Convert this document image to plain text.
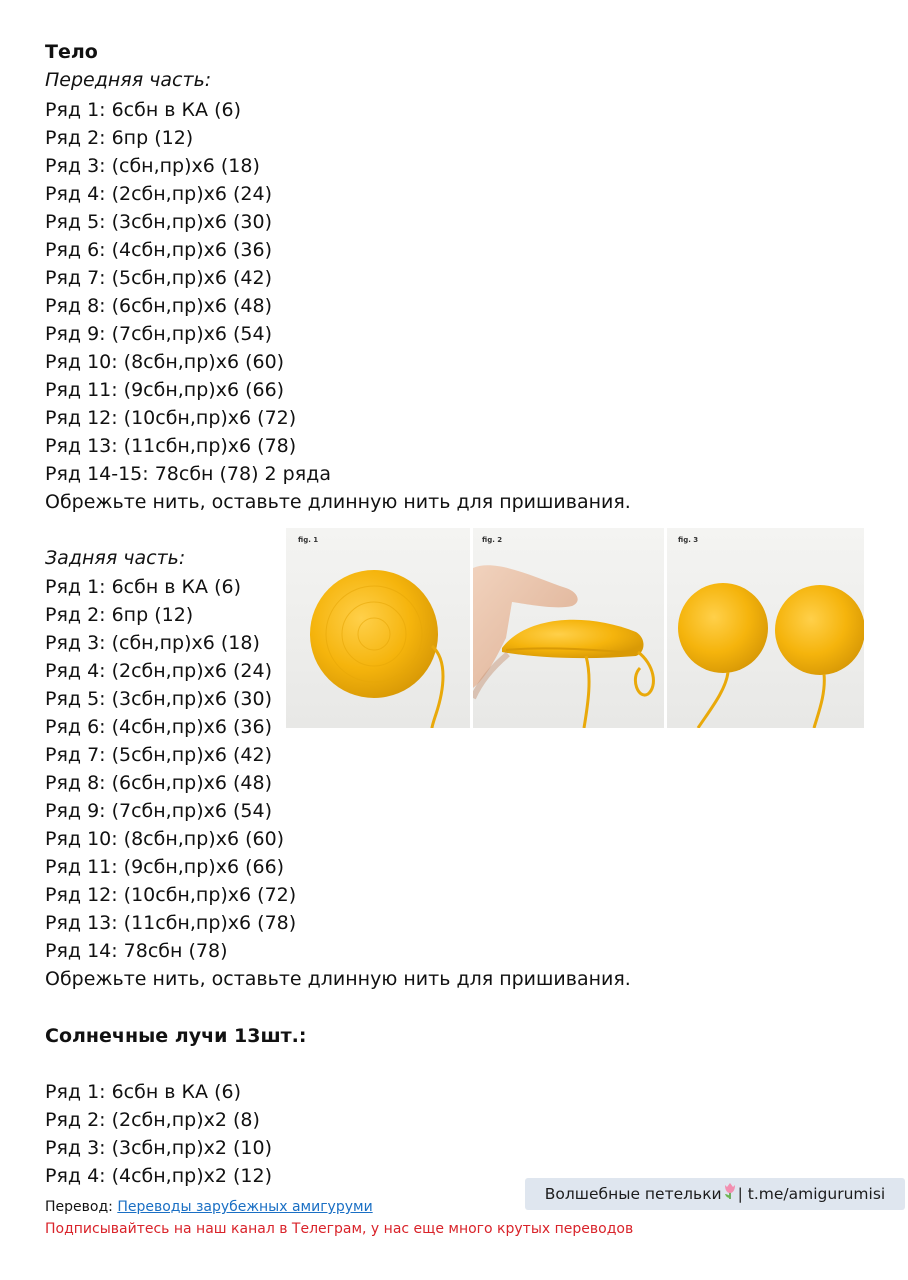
Тело
Передняя часть:
Ряд 1: 6сбн в КА (6)
Ряд 2: 6пр (12)
Ряд 3: (сбн,пр)х6 (18)
Ряд 4: (2сбн,пр)х6 (24)
Ряд 5: (3сбн,пр)х6 (30)
Ряд 6: (4сбн,пр)х6 (36)
Ряд 7: (5сбн,пр)х6 (42)
Ряд 8: (6сбн,пр)х6 (48)
Ряд 9: (7сбн,пр)х6 (54)
Ряд 10: (8сбн,пр)х6 (60)
Ряд 11: (9сбн,пр)х6 (66)
Ряд 12: (10сбн,пр)х6 (72)
Ряд 13: (11сбн,пр)х6 (78)
Ряд 14-15: 78сбн (78) 2 ряда
Обрежьте нить, оставьте длинную нить для пришивания.
Задняя часть:
Ряд 1: 6сбн в КА (6)
Ряд 2: 6пр (12)
Ряд 3: (сбн,пр)х6 (18)
Ряд 4: (2сбн,пр)х6 (24)
Ряд 5: (3сбн,пр)х6 (30)
Ряд 6: (4сбн,пр)х6 (36)
Ряд 7: (5сбн,пр)х6 (42)
Ряд 8: (6сбн,пр)х6 (48)
Ряд 9: (7сбн,пр)х6 (54)
Ряд 10: (8сбн,пр)х6 (60)
Ряд 11: (9сбн,пр)х6 (66)
Ряд 12: (10сбн,пр)х6 (72)
Ряд 13: (11сбн,пр)х6 (78)
Ряд 14: 78сбн (78)
Обрежьте нить, оставьте длинную нить для пришивания.
Солнечные лучи 13шт.:
Ряд 1: 6сбн в КА (6)
Ряд 2: (2сбн,пр)х2 (8)
Ряд 3: (3сбн,пр)х2 (10)
Ряд 4: (4сбн,пр)х2 (12)
fig. 1	fig. 2	fig. 3
Перевод: Переводы зарубежных амигуруми
Подписывайтесь на наш канал в Телеграм, у нас еще много крутых переводов
Волшебные петельки | t.me/amigurumisi
